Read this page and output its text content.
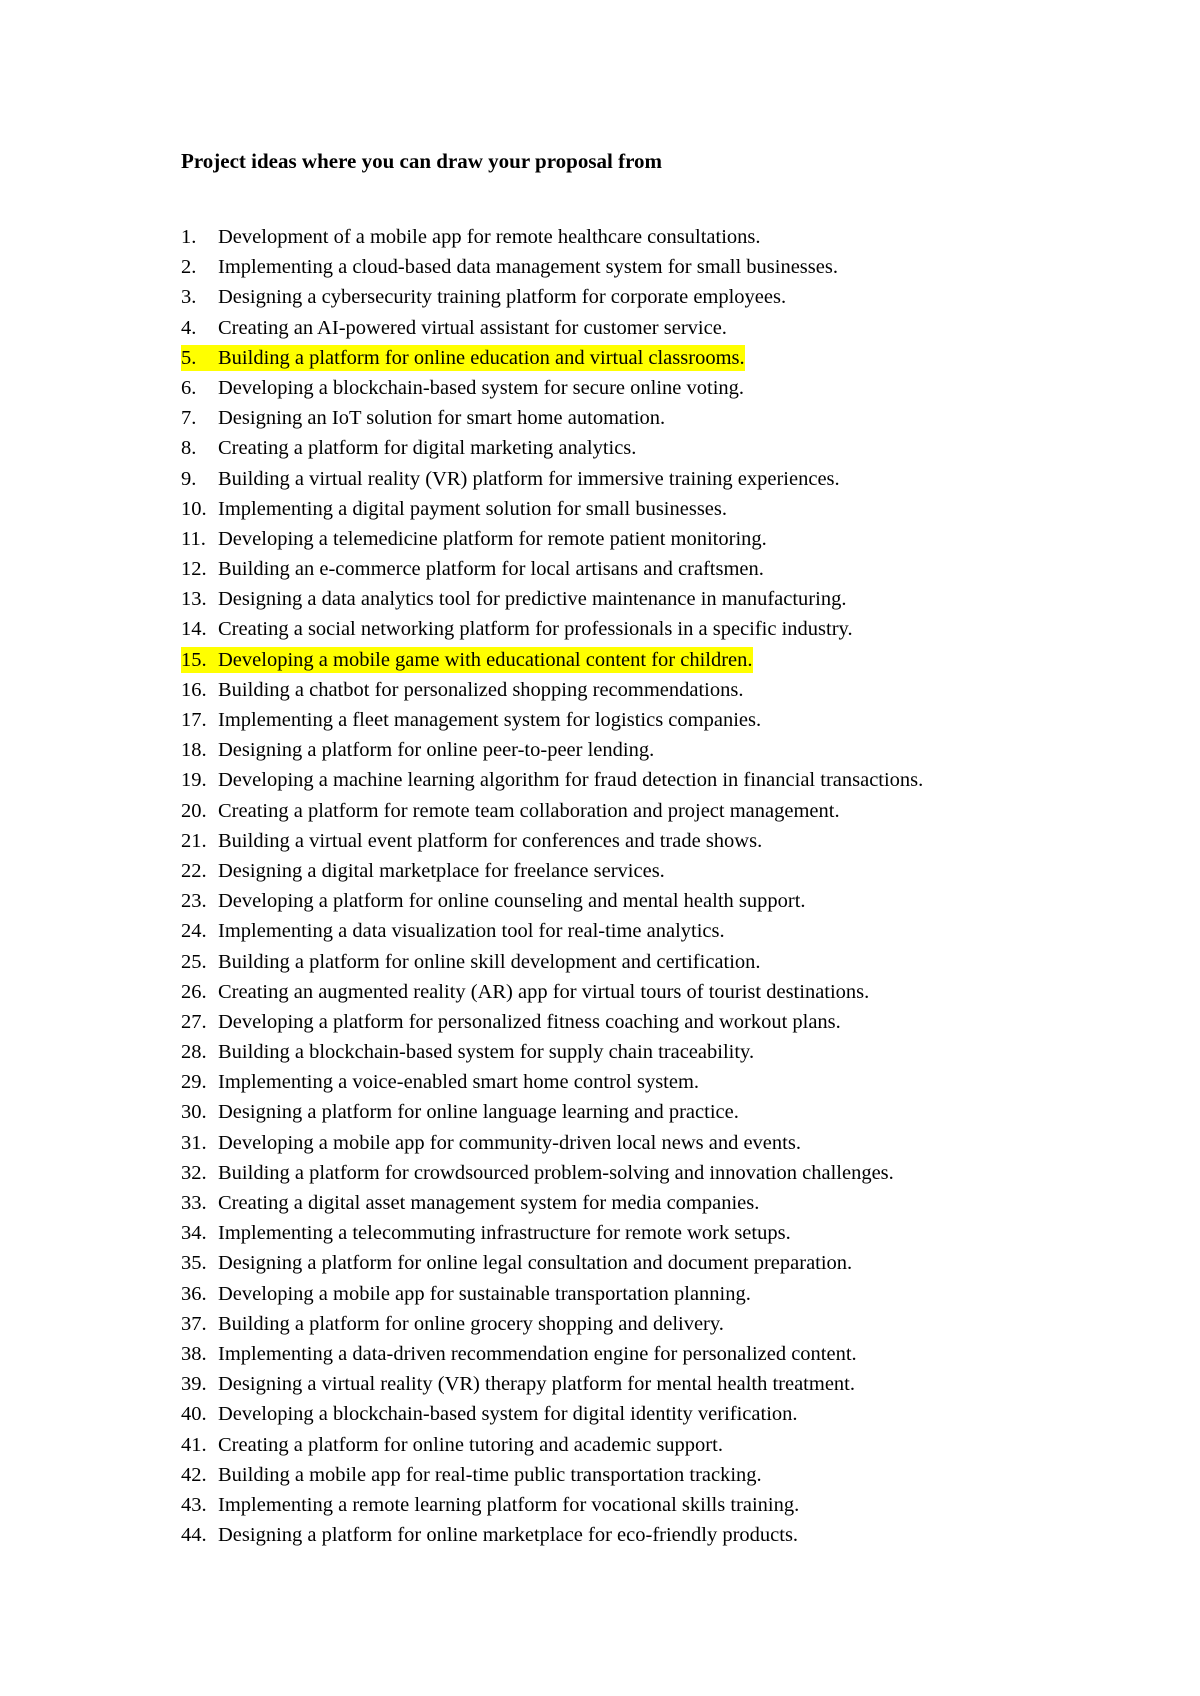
Project ideas where you can draw your proposal from
1. Development of a mobile app for remote healthcare consultations.
2. Implementing a cloud-based data management system for small businesses.
3. Designing a cybersecurity training platform for corporate employees.
4. Creating an AI-powered virtual assistant for customer service.
5. Building a platform for online education and virtual classrooms.
6. Developing a blockchain-based system for secure online voting.
7. Designing an IoT solution for smart home automation.
8. Creating a platform for digital marketing analytics.
9. Building a virtual reality (VR) platform for immersive training experiences.
10. Implementing a digital payment solution for small businesses.
11. Developing a telemedicine platform for remote patient monitoring.
12. Building an e-commerce platform for local artisans and craftsmen.
13. Designing a data analytics tool for predictive maintenance in manufacturing.
14. Creating a social networking platform for professionals in a specific industry.
15. Developing a mobile game with educational content for children.
16. Building a chatbot for personalized shopping recommendations.
17. Implementing a fleet management system for logistics companies.
18. Designing a platform for online peer-to-peer lending.
19. Developing a machine learning algorithm for fraud detection in financial transactions.
20. Creating a platform for remote team collaboration and project management.
21. Building a virtual event platform for conferences and trade shows.
22. Designing a digital marketplace for freelance services.
23. Developing a platform for online counseling and mental health support.
24. Implementing a data visualization tool for real-time analytics.
25. Building a platform for online skill development and certification.
26. Creating an augmented reality (AR) app for virtual tours of tourist destinations.
27. Developing a platform for personalized fitness coaching and workout plans.
28. Building a blockchain-based system for supply chain traceability.
29. Implementing a voice-enabled smart home control system.
30. Designing a platform for online language learning and practice.
31. Developing a mobile app for community-driven local news and events.
32. Building a platform for crowdsourced problem-solving and innovation challenges.
33. Creating a digital asset management system for media companies.
34. Implementing a telecommuting infrastructure for remote work setups.
35. Designing a platform for online legal consultation and document preparation.
36. Developing a mobile app for sustainable transportation planning.
37. Building a platform for online grocery shopping and delivery.
38. Implementing a data-driven recommendation engine for personalized content.
39. Designing a virtual reality (VR) therapy platform for mental health treatment.
40. Developing a blockchain-based system for digital identity verification.
41. Creating a platform for online tutoring and academic support.
42. Building a mobile app for real-time public transportation tracking.
43. Implementing a remote learning platform for vocational skills training.
44. Designing a platform for online marketplace for eco-friendly products.
